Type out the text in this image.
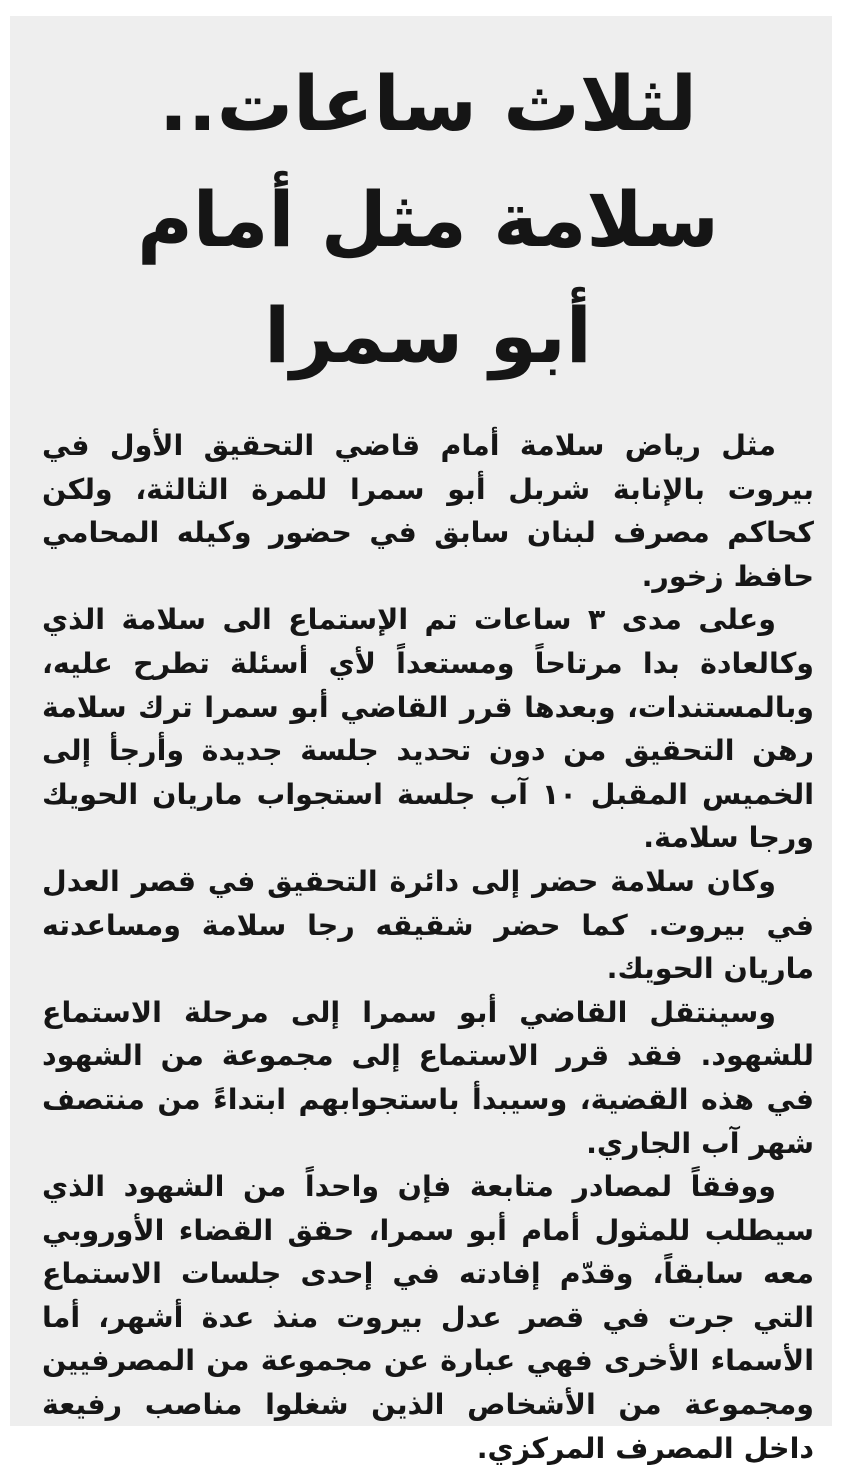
لثلاث ساعات..
سلامة مثل أمام
أبو سمرا

مثل رياض سلامة أمام قاضي التحقيق الأول في بيروت بالإنابة شربل أبو سمرا للمرة الثالثة، ولكن كحاكم مصرف لبنان سابق في حضور وكيله المحامي حافظ زخور.

وعلى مدى ٣ ساعات تم الإستماع الى سلامة الذي وكالعادة بدا مرتاحاً ومستعداً لأي أسئلة تطرح عليه، وبالمستندات، وبعدها قرر القاضي أبو سمرا ترك سلامة رهن التحقيق من دون تحديد جلسة جديدة وأرجأ إلى الخميس المقبل ١٠ آب جلسة استجواب ماريان الحويك ورجا سلامة.

وكان سلامة حضر إلى دائرة التحقيق في قصر العدل في بيروت. كما حضر شقيقه رجا سلامة ومساعدته ماريان الحويك.

وسينتقل القاضي أبو سمرا إلى مرحلة الاستماع للشهود. فقد قرر الاستماع إلى مجموعة من الشهود في هذه القضية، وسيبدأ باستجوابهم ابتداءً من منتصف شهر آب الجاري.

ووفقاً لمصادر متابعة فإن واحداً من الشهود الذي سيطلب للمثول أمام أبو سمرا، حقق القضاء الأوروبي معه سابقاً، وقدّم إفادته في إحدى جلسات الاستماع التي جرت في قصر عدل بيروت منذ عدة أشهر، أما الأسماء الأخرى فهي عبارة عن مجموعة من المصرفيين ومجموعة من الأشخاص الذين شغلوا مناصب رفيعة داخل المصرف المركزي.
